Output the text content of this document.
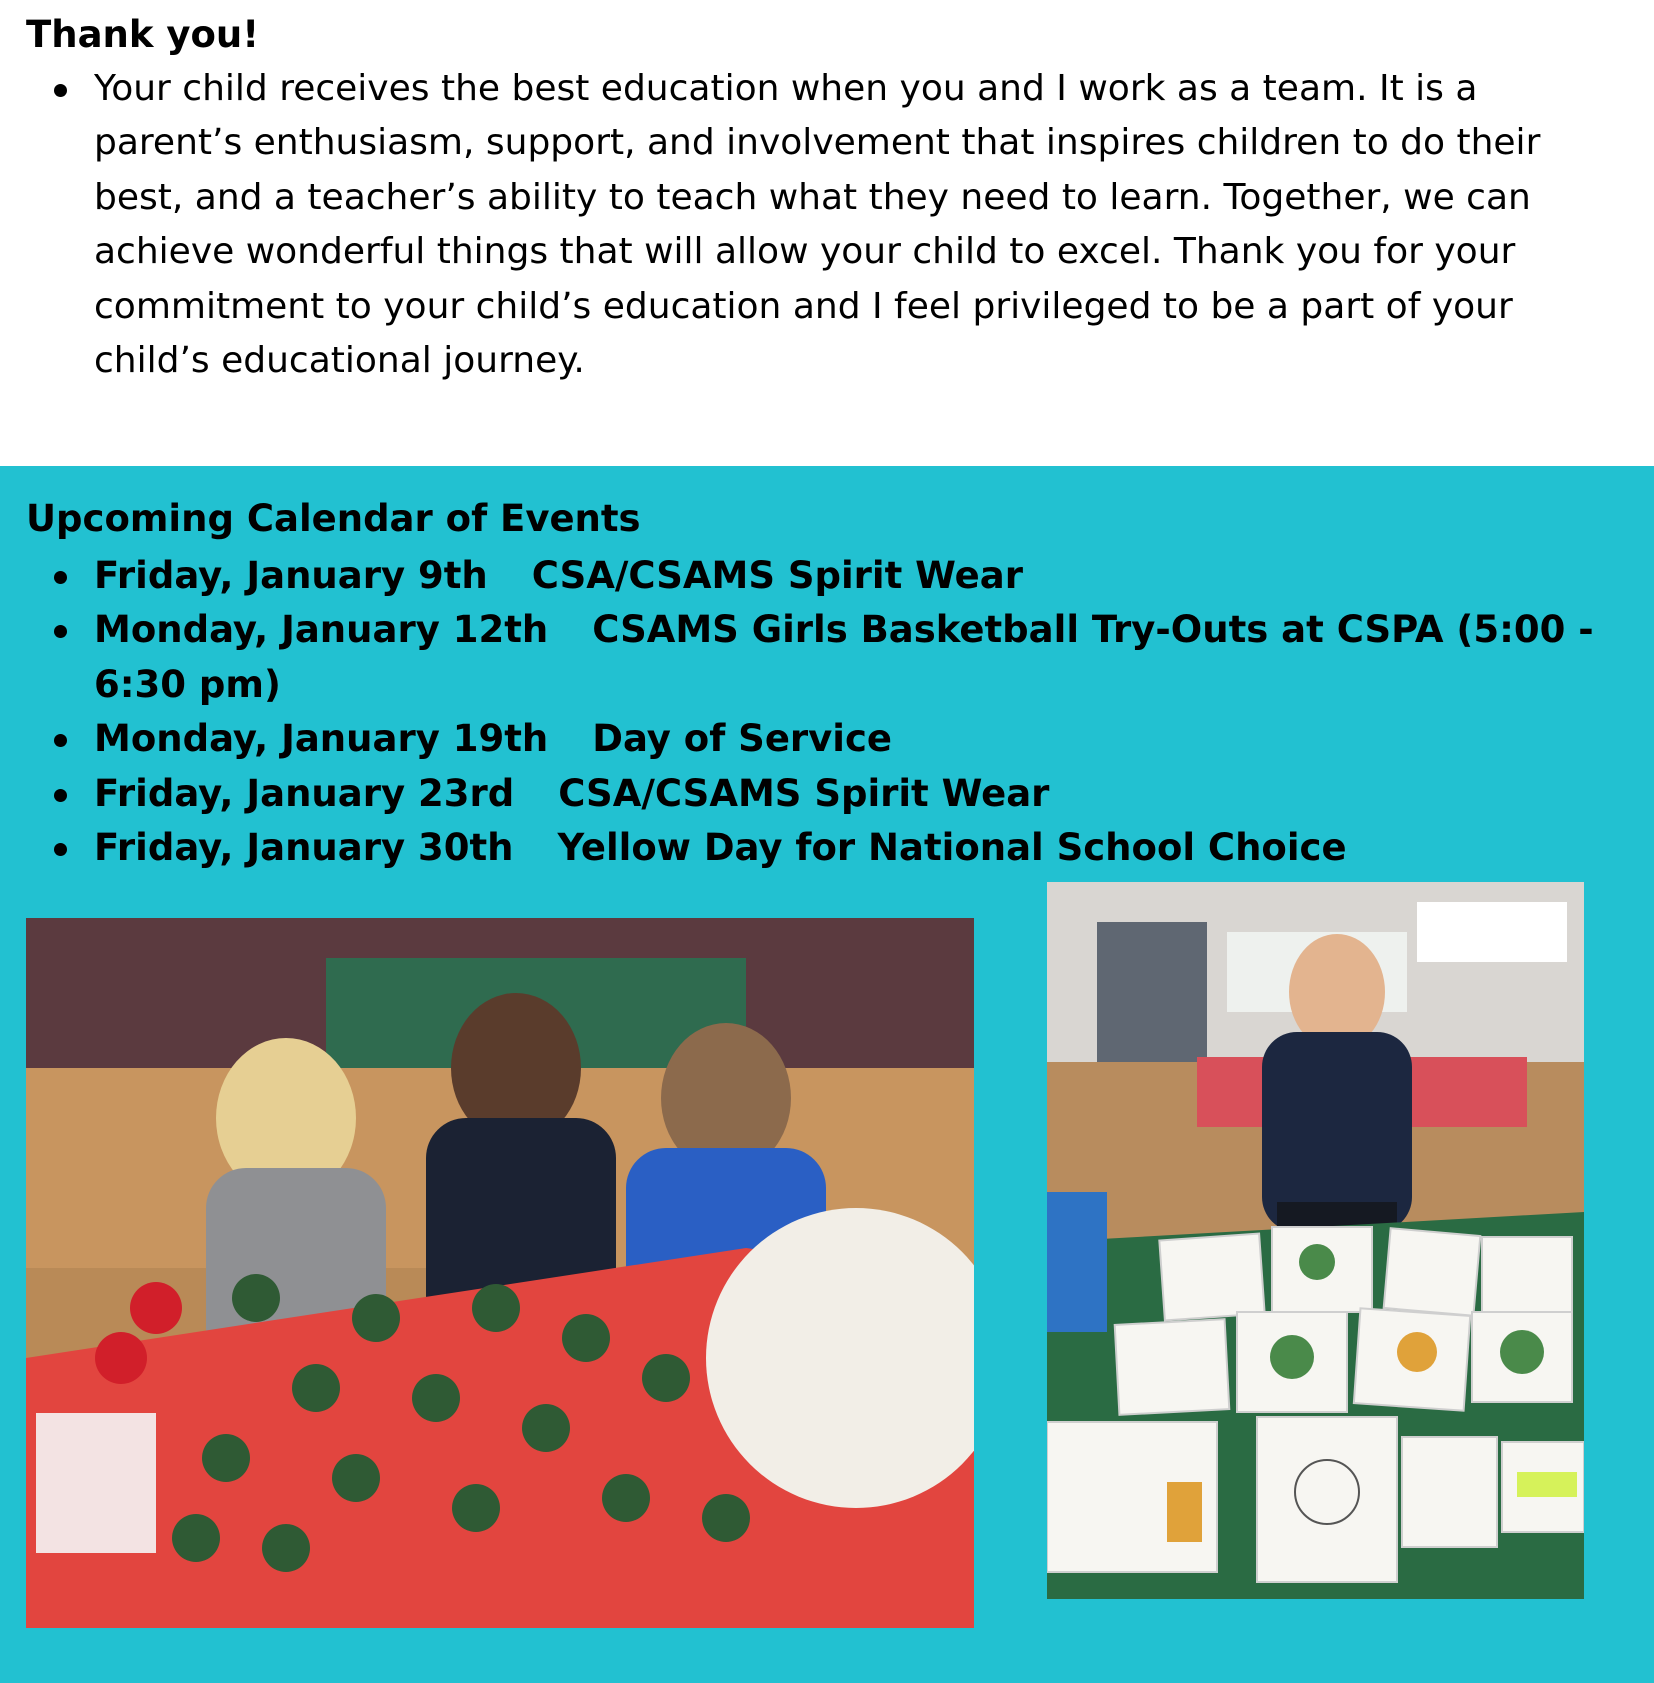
Thank you!
Your child receives the best education when you and I work as a team. It is a parent’s enthusiasm, support, and involvement that inspires children to do their best, and a teacher’s ability to teach what they need to learn. Together, we can achieve wonderful things that will allow your child to excel. Thank you for your commitment to your child’s education and I feel privileged to be a part of your child’s educational journey.
Upcoming Calendar of Events
Friday, January 9th CSA/CSAMS Spirit Wear
Monday, January 12th CSAMS Girls Basketball Try-Outs at CSPA (5:00 - 6:30 pm)
Monday, January 19th Day of Service
Friday, January 23rd CSA/CSAMS Spirit Wear
Friday, January 30th Yellow Day for National School Choice
